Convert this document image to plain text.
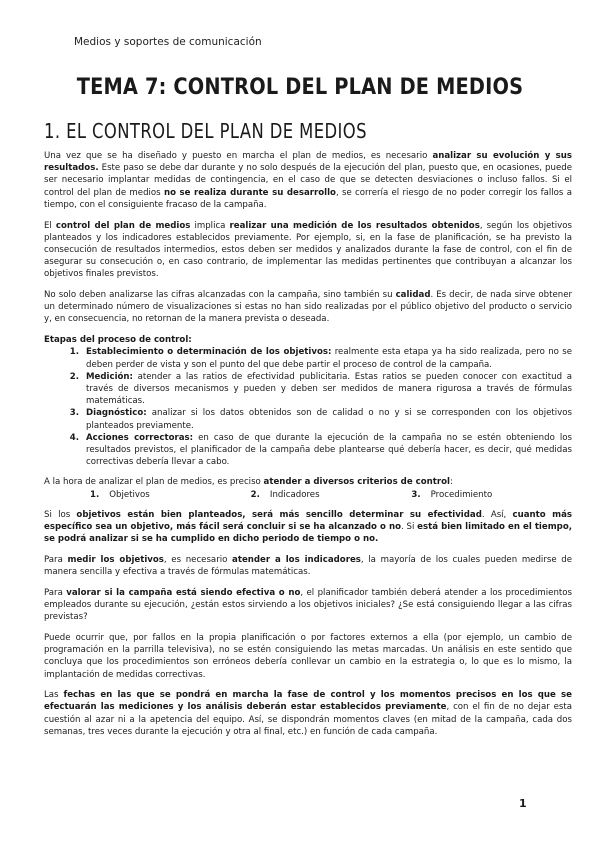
Medios y soportes de comunicación
TEMA 7: CONTROL DEL PLAN DE MEDIOS
1. EL CONTROL DEL PLAN DE MEDIOS

Una vez que se ha diseñado y puesto en marcha el plan de medios, es necesario analizar su evolución y sus resultados. Este paso se debe dar durante y no solo después de la ejecución del plan, puesto que, en ocasiones, puede ser necesario implantar medidas de contingencia, en el caso de que se detecten desviaciones o incluso fallos. Si el control del plan de medios no se realiza durante su desarrollo, se correría el riesgo de no poder corregir los fallos a tiempo, con el consiguiente fracaso de la campaña.

El control del plan de medios implica realizar una medición de los resultados obtenidos, según los objetivos planteados y los indicadores establecidos previamente. Por ejemplo, si, en la fase de planificación, se ha previsto la consecución de resultados intermedios, estos deben ser medidos y analizados durante la fase de control, con el fin de asegurar su consecución o, en caso contrario, de implementar las medidas pertinentes que contribuyan a alcanzar los objetivos finales previstos.

No solo deben analizarse las cifras alcanzadas con la campaña, sino también su calidad. Es decir, de nada sirve obtener un determinado número de visualizaciones si estas no han sido realizadas por el público objetivo del producto o servicio y, en consecuencia, no retornan de la manera prevista o deseada.

Etapas del proceso de control:

1. Establecimiento o determinación de los objetivos: realmente esta etapa ya ha sido realizada, pero no se deben perder de vista y son el punto del que debe partir el proceso de control de la campaña.
2. Medición: atender a las ratios de efectividad publicitaria. Estas ratios se pueden conocer con exactitud a través de diversos mecanismos y pueden y deben ser medidos de manera rigurosa a través de fórmulas matemáticas.
3. Diagnóstico: analizar si los datos obtenidos son de calidad o no y si se corresponden con los objetivos planteados previamente.
4. Acciones correctoras: en caso de que durante la ejecución de la campaña no se estén obteniendo los resultados previstos, el planificador de la campaña debe plantearse qué debería hacer, es decir, qué medidas correctivas debería llevar a cabo.

A la hora de analizar el plan de medios, es preciso atender a diversos criterios de control:

1. Objetivos	2. Indicadores	3. Procedimiento

Si los objetivos están bien planteados, será más sencillo determinar su efectividad. Así, cuanto más específico sea un objetivo, más fácil será concluir si se ha alcanzado o no. Si está bien limitado en el tiempo, se podrá analizar si se ha cumplido en dicho periodo de tiempo o no.

Para medir los objetivos, es necesario atender a los indicadores, la mayoría de los cuales pueden medirse de manera sencilla y efectiva a través de fórmulas matemáticas.

Para valorar si la campaña está siendo efectiva o no, el planificador también deberá atender a los procedimientos empleados durante su ejecución, ¿están estos sirviendo a los objetivos iniciales? ¿Se está consiguiendo llegar a las cifras previstas?

Puede ocurrir que, por fallos en la propia planificación o por factores externos a ella (por ejemplo, un cambio de programación en la parrilla televisiva), no se estén consiguiendo las metas marcadas. Un análisis en este sentido que concluya que los procedimientos son erróneos debería conllevar un cambio en la estrategia o, lo que es lo mismo, la implantación de medidas correctivas.

Las fechas en las que se pondrá en marcha la fase de control y los momentos precisos en los que se efectuarán las mediciones y los análisis deberán estar establecidos previamente, con el fin de no dejar esta cuestión al azar ni a la apetencia del equipo. Así, se dispondrán momentos claves (en mitad de la campaña, cada dos semanas, tres veces durante la ejecución y otra al final, etc.) en función de cada campaña.

1
